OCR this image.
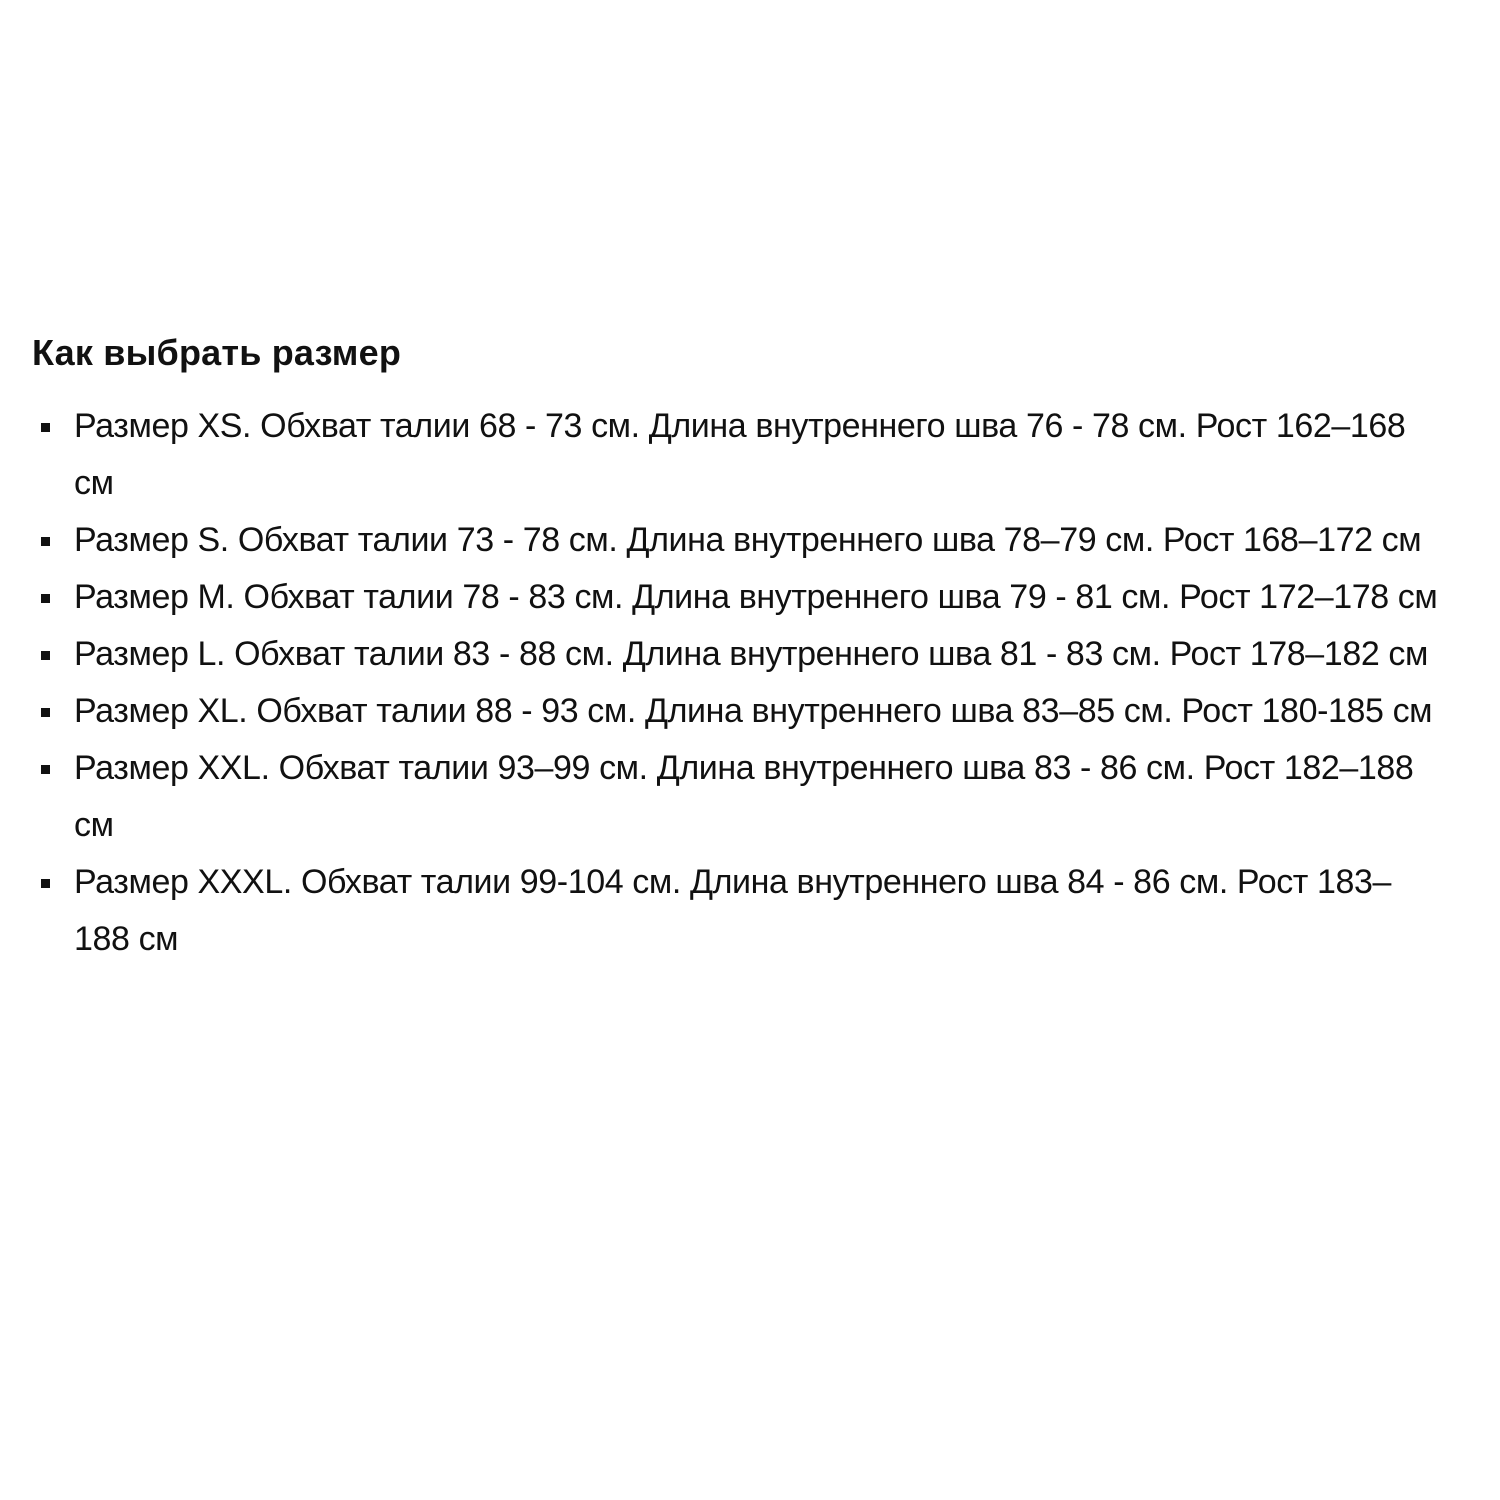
Как выбрать размер
Размер XS. Обхват талии 68 - 73 см. Длина внутреннего шва 76 - 78 см. Рост 162–168 см
Размер S. Обхват талии 73 - 78 см. Длина внутреннего шва 78–79 см. Рост 168–172 см
Размер M. Обхват талии 78 - 83 см. Длина внутреннего шва 79 - 81 см. Рост 172–178 см
Размер L. Обхват талии 83 - 88 см. Длина внутреннего шва 81 - 83 см. Рост 178–182 см
Размер XL. Обхват талии 88 - 93 см. Длина внутреннего шва 83–85 см. Рост 180-185 см
Размер XXL. Обхват талии 93–99 см. Длина внутреннего шва 83 - 86 см. Рост 182–188 см
Размер XXXL. Обхват талии 99-104 см. Длина внутреннего шва 84 - 86 см. Рост 183–188 см
